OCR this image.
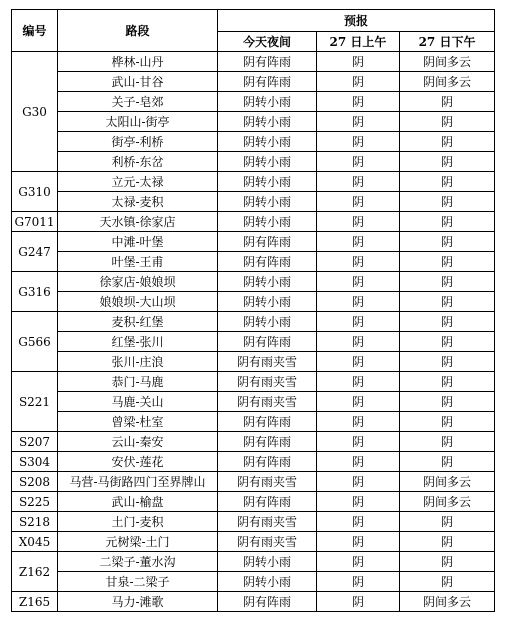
编号	路段	预报		
		今天夜间	27 日上午	27 日下午
G30	桦林-山丹	阴有阵雨	阴	阴间多云
	武山-甘谷	阴有阵雨	阴	阴间多云
	关子-皂郊	阴转小雨	阴	阴
	太阳山-街亭	阴转小雨	阴	阴
	街亭-利桥	阴转小雨	阴	阴
	利桥-东岔	阴转小雨	阴	阴
G310	立元-太禄	阴转小雨	阴	阴
	太禄-麦积	阴转小雨	阴	阴
G7011	天水镇-徐家店	阴转小雨	阴	阴
G247	中滩-叶堡	阴有阵雨	阴	阴
	叶堡-王甫	阴有阵雨	阴	阴
G316	徐家店-娘娘坝	阴转小雨	阴	阴
	娘娘坝-大山坝	阴转小雨	阴	阴
G566	麦积-红堡	阴转小雨	阴	阴
	红堡-张川	阴有阵雨	阴	阴
	张川-庄浪	阴有雨夹雪	阴	阴
S221	恭门-马鹿	阴有雨夹雪	阴	阴
	马鹿-关山	阴有雨夹雪	阴	阴
	曾梁-杜室	阴有阵雨	阴	阴
S207	云山-秦安	阴有阵雨	阴	阴
S304	安伏-莲花	阴有阵雨	阴	阴
S208	马营-马街路四门至界牌山	阴有雨夹雪	阴	阴间多云
S225	武山-榆盘	阴有阵雨	阴	阴间多云
S218	土门-麦积	阴有雨夹雪	阴	阴
X045	元树梁-土门	阴有雨夹雪	阴	阴
Z162	二梁子-董水沟	阴转小雨	阴	阴
	甘泉-二梁子	阴转小雨	阴	阴
Z165	马力-滩歌	阴有阵雨	阴	阴间多云
